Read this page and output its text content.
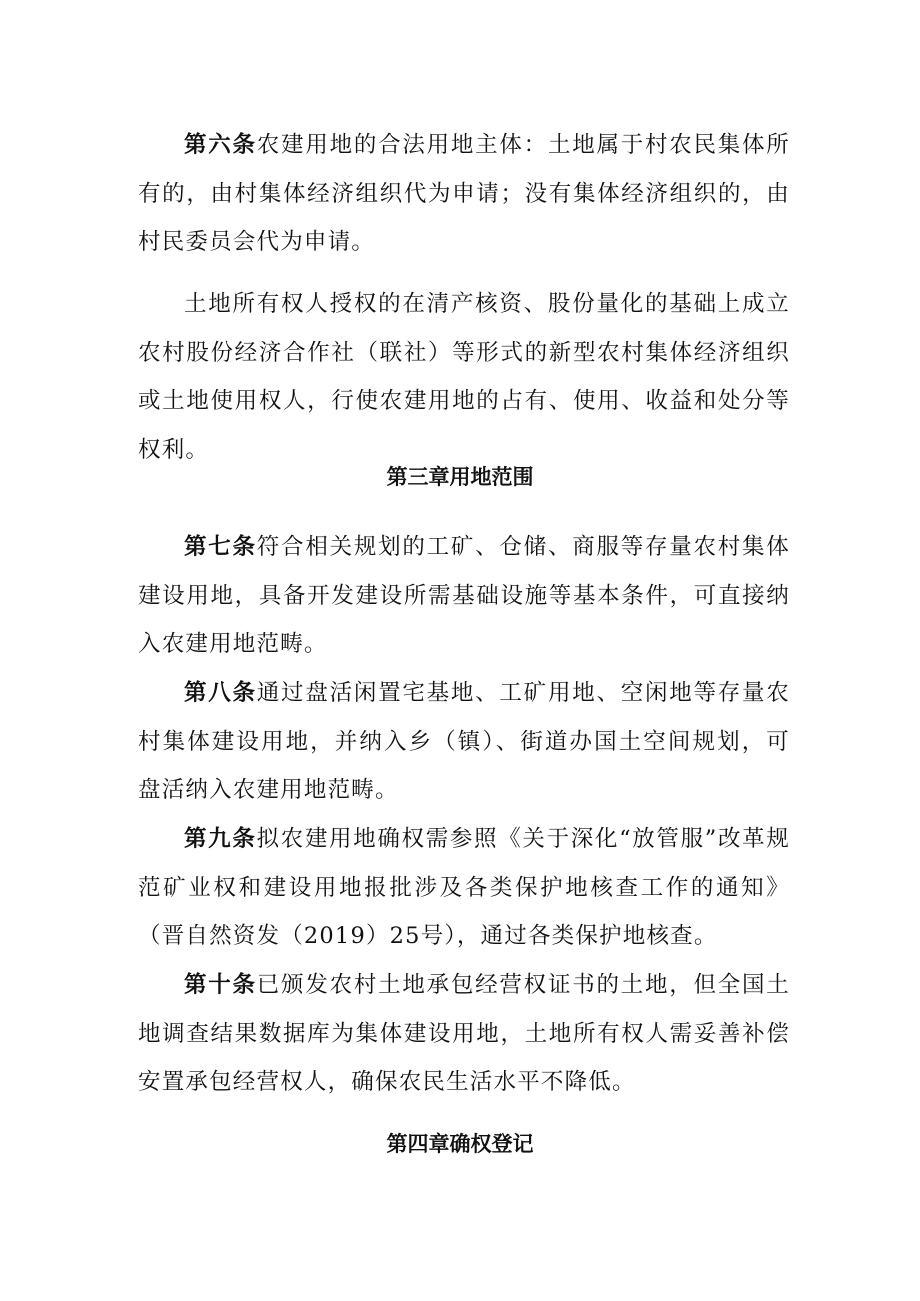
第六条农建用地的合法用地主体：土地属于村农民集体所有的，由村集体经济组织代为申请；没有集体经济组织的，由村民委员会代为申请。

土地所有权人授权的在清产核资、股份量化的基础上成立农村股份经济合作社（联社）等形式的新型农村集体经济组织或土地使用权人，行使农建用地的占有、使用、收益和处分等权利。

第三章用地范围

第七条符合相关规划的工矿、仓储、商服等存量农村集体建设用地，具备开发建设所需基础设施等基本条件，可直接纳入农建用地范畴。

第八条通过盘活闲置宅基地、工矿用地、空闲地等存量农村集体建设用地，并纳入乡（镇）、街道办国土空间规划，可盘活纳入农建用地范畴。

第九条拟农建用地确权需参照《关于深化“放管服”改革规范矿业权和建设用地报批涉及各类保护地核查工作的通知》（晋自然资发（2019）25号），通过各类保护地核查。

第十条已颁发农村土地承包经营权证书的土地，但全国土地调查结果数据库为集体建设用地，土地所有权人需妥善补偿安置承包经营权人，确保农民生活水平不降低。

第四章确权登记
